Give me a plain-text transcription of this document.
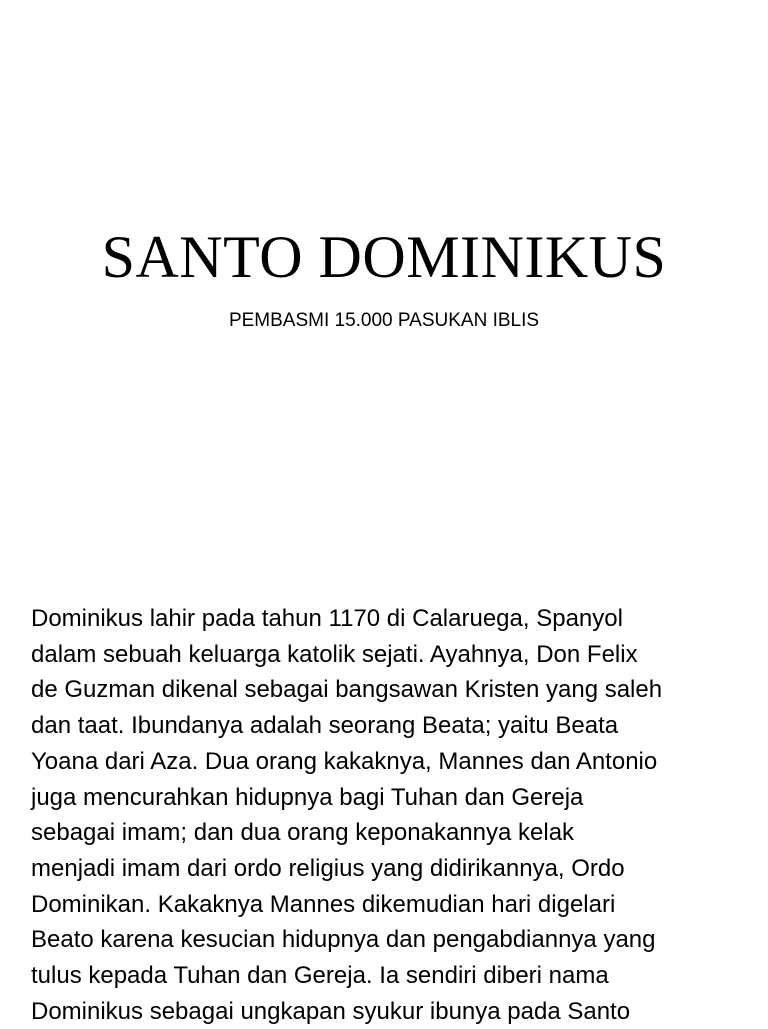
SANTO DOMINIKUS

PEMBASMI 15.000 PASUKAN IBLIS

Dominikus lahir pada tahun 1170 di Calaruega, Spanyol
dalam sebuah keluarga katolik sejati. Ayahnya, Don Felix
de Guzman dikenal sebagai bangsawan Kristen yang saleh
dan taat. Ibundanya adalah seorang Beata; yaitu Beata
Yoana dari Aza. Dua orang kakaknya, Mannes dan Antonio
juga mencurahkan hidupnya bagi Tuhan dan Gereja
sebagai imam; dan dua orang keponakannya kelak
menjadi imam dari ordo religius yang didirikannya, Ordo
Dominikan. Kakaknya Mannes dikemudian hari digelari
Beato karena kesucian hidupnya dan pengabdiannya yang
tulus kepada Tuhan dan Gereja. Ia sendiri diberi nama
Dominikus sebagai ungkapan syukur ibunya pada Santo
